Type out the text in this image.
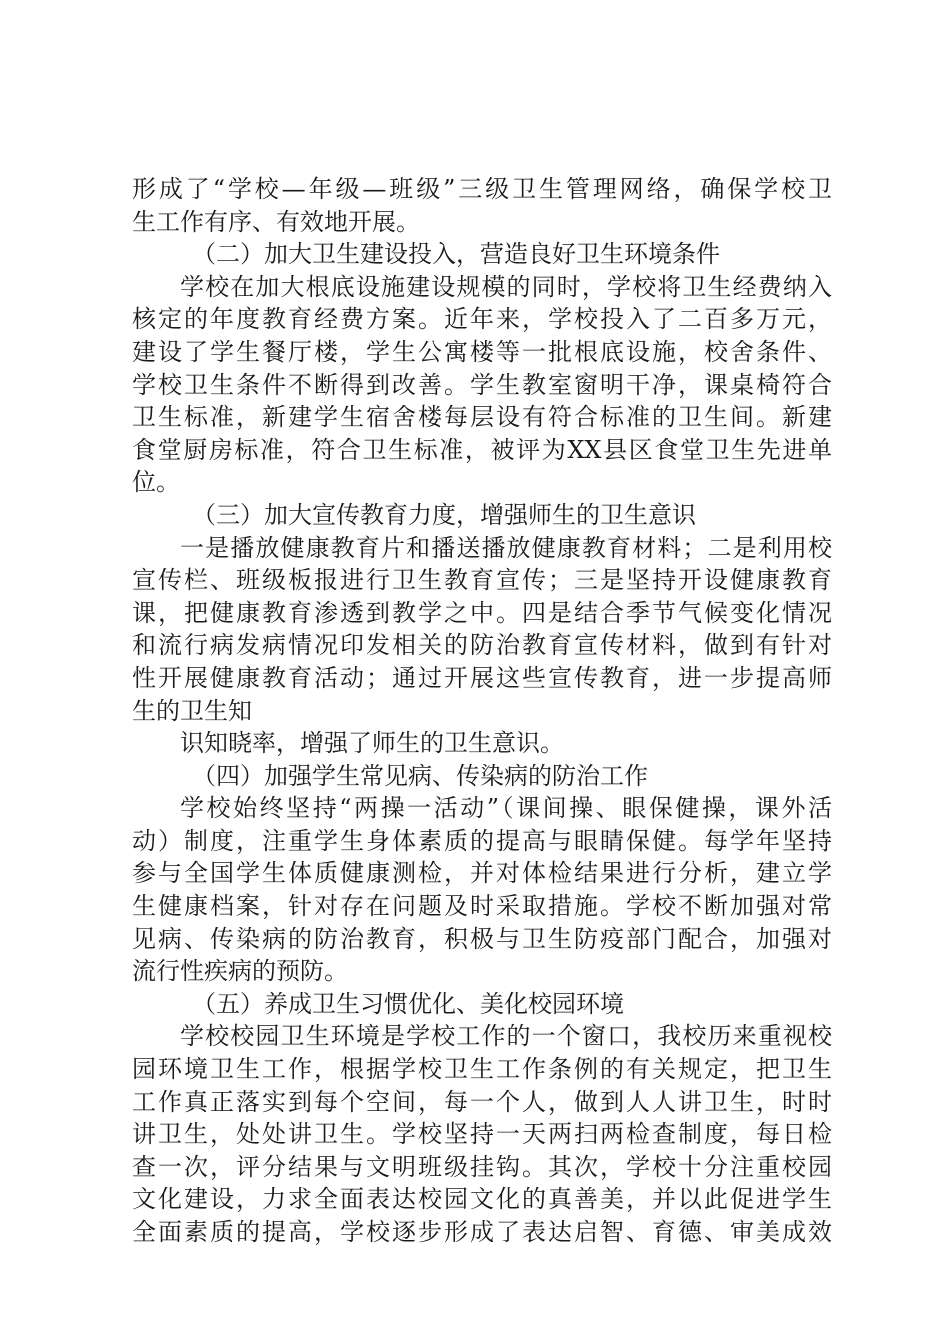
形成了“学校—年级—班级”三级卫生管理网络，确保学校卫
生工作有序、有效地开展。
（二）加大卫生建设投入，营造良好卫生环境条件
学校在加大根底设施建设规模的同时，学校将卫生经费纳入
核定的年度教育经费方案。近年来，学校投入了二百多万元，
建设了学生餐厅楼，学生公寓楼等一批根底设施，校舍条件、
学校卫生条件不断得到改善。学生教室窗明干净，课桌椅符合
卫生标准，新建学生宿舍楼每层设有符合标准的卫生间。新建
食堂厨房标准，符合卫生标准，被评为XX县区食堂卫生先进单
位。
（三）加大宣传教育力度，增强师生的卫生意识
一是播放健康教育片和播送播放健康教育材料；二是利用校
宣传栏、班级板报进行卫生教育宣传；三是坚持开设健康教育
课，把健康教育渗透到教学之中。四是结合季节气候变化情况
和流行病发病情况印发相关的防治教育宣传材料，做到有针对
性开展健康教育活动；通过开展这些宣传教育，进一步提高师
生的卫生知
识知晓率，增强了师生的卫生意识。
（四）加强学生常见病、传染病的防治工作
学校始终坚持“两操一活动”（课间操、眼保健操，课外活
动）制度，注重学生身体素质的提高与眼睛保健。每学年坚持
参与全国学生体质健康测检，并对体检结果进行分析，建立学
生健康档案，针对存在问题及时采取措施。学校不断加强对常
见病、传染病的防治教育，积极与卫生防疫部门配合，加强对
流行性疾病的预防。
（五）养成卫生习惯优化、美化校园环境
学校校园卫生环境是学校工作的一个窗口，我校历来重视校
园环境卫生工作，根据学校卫生工作条例的有关规定，把卫生
工作真正落实到每个空间，每一个人，做到人人讲卫生，时时
讲卫生，处处讲卫生。学校坚持一天两扫两检查制度，每日检
查一次，评分结果与文明班级挂钩。其次，学校十分注重校园
文化建设，力求全面表达校园文化的真善美，并以此促进学生
全面素质的提高，学校逐步形成了表达启智、育德、审美成效
